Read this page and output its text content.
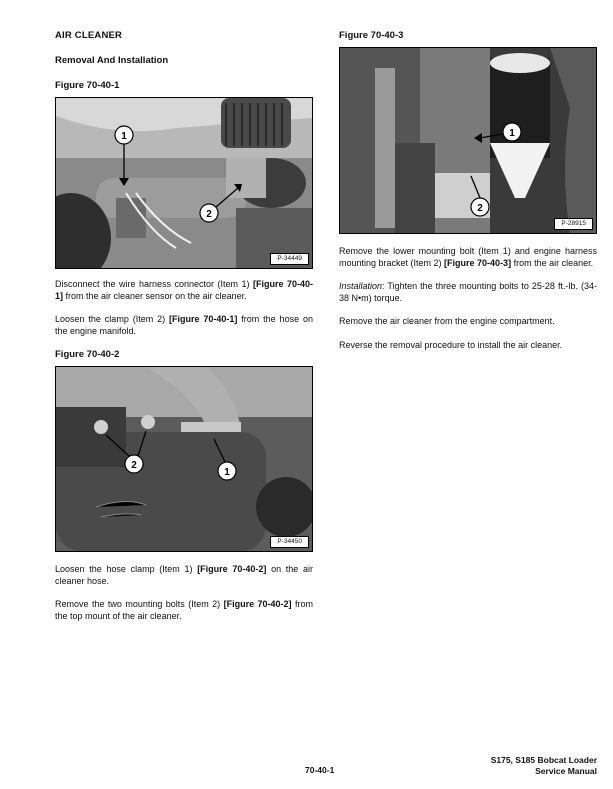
AIR CLEANER
Removal And Installation
Figure 70-40-1
1
2
P-34449

Disconnect the wire harness connector (Item 1) [Figure 70-40-1] from the air cleaner sensor on the air cleaner.

Loosen the clamp (Item 2) [Figure 70-40-1] from the hose on the engine manifold.

Figure 70-40-2
2
1
P-34450

Loosen the hose clamp (Item 1) [Figure 70-40-2] on the air cleaner hose.

Remove the two mounting bolts (Item 2) [Figure 70-40-2] from the top mount of the air cleaner.

Figure 70-40-3
1
2
P-28915

Remove the lower mounting bolt (Item 1) and engine harness mounting bracket (Item 2) [Figure 70-40-3] from the air cleaner.

Installation: Tighten the three mounting bolts to 25-28 ft.-lb. (34-38 N•m) torque.

Remove the air cleaner from the engine compartment.

Reverse the removal procedure to install the air cleaner.

70-40-1
S175, S185 Bobcat Loader
Service Manual
